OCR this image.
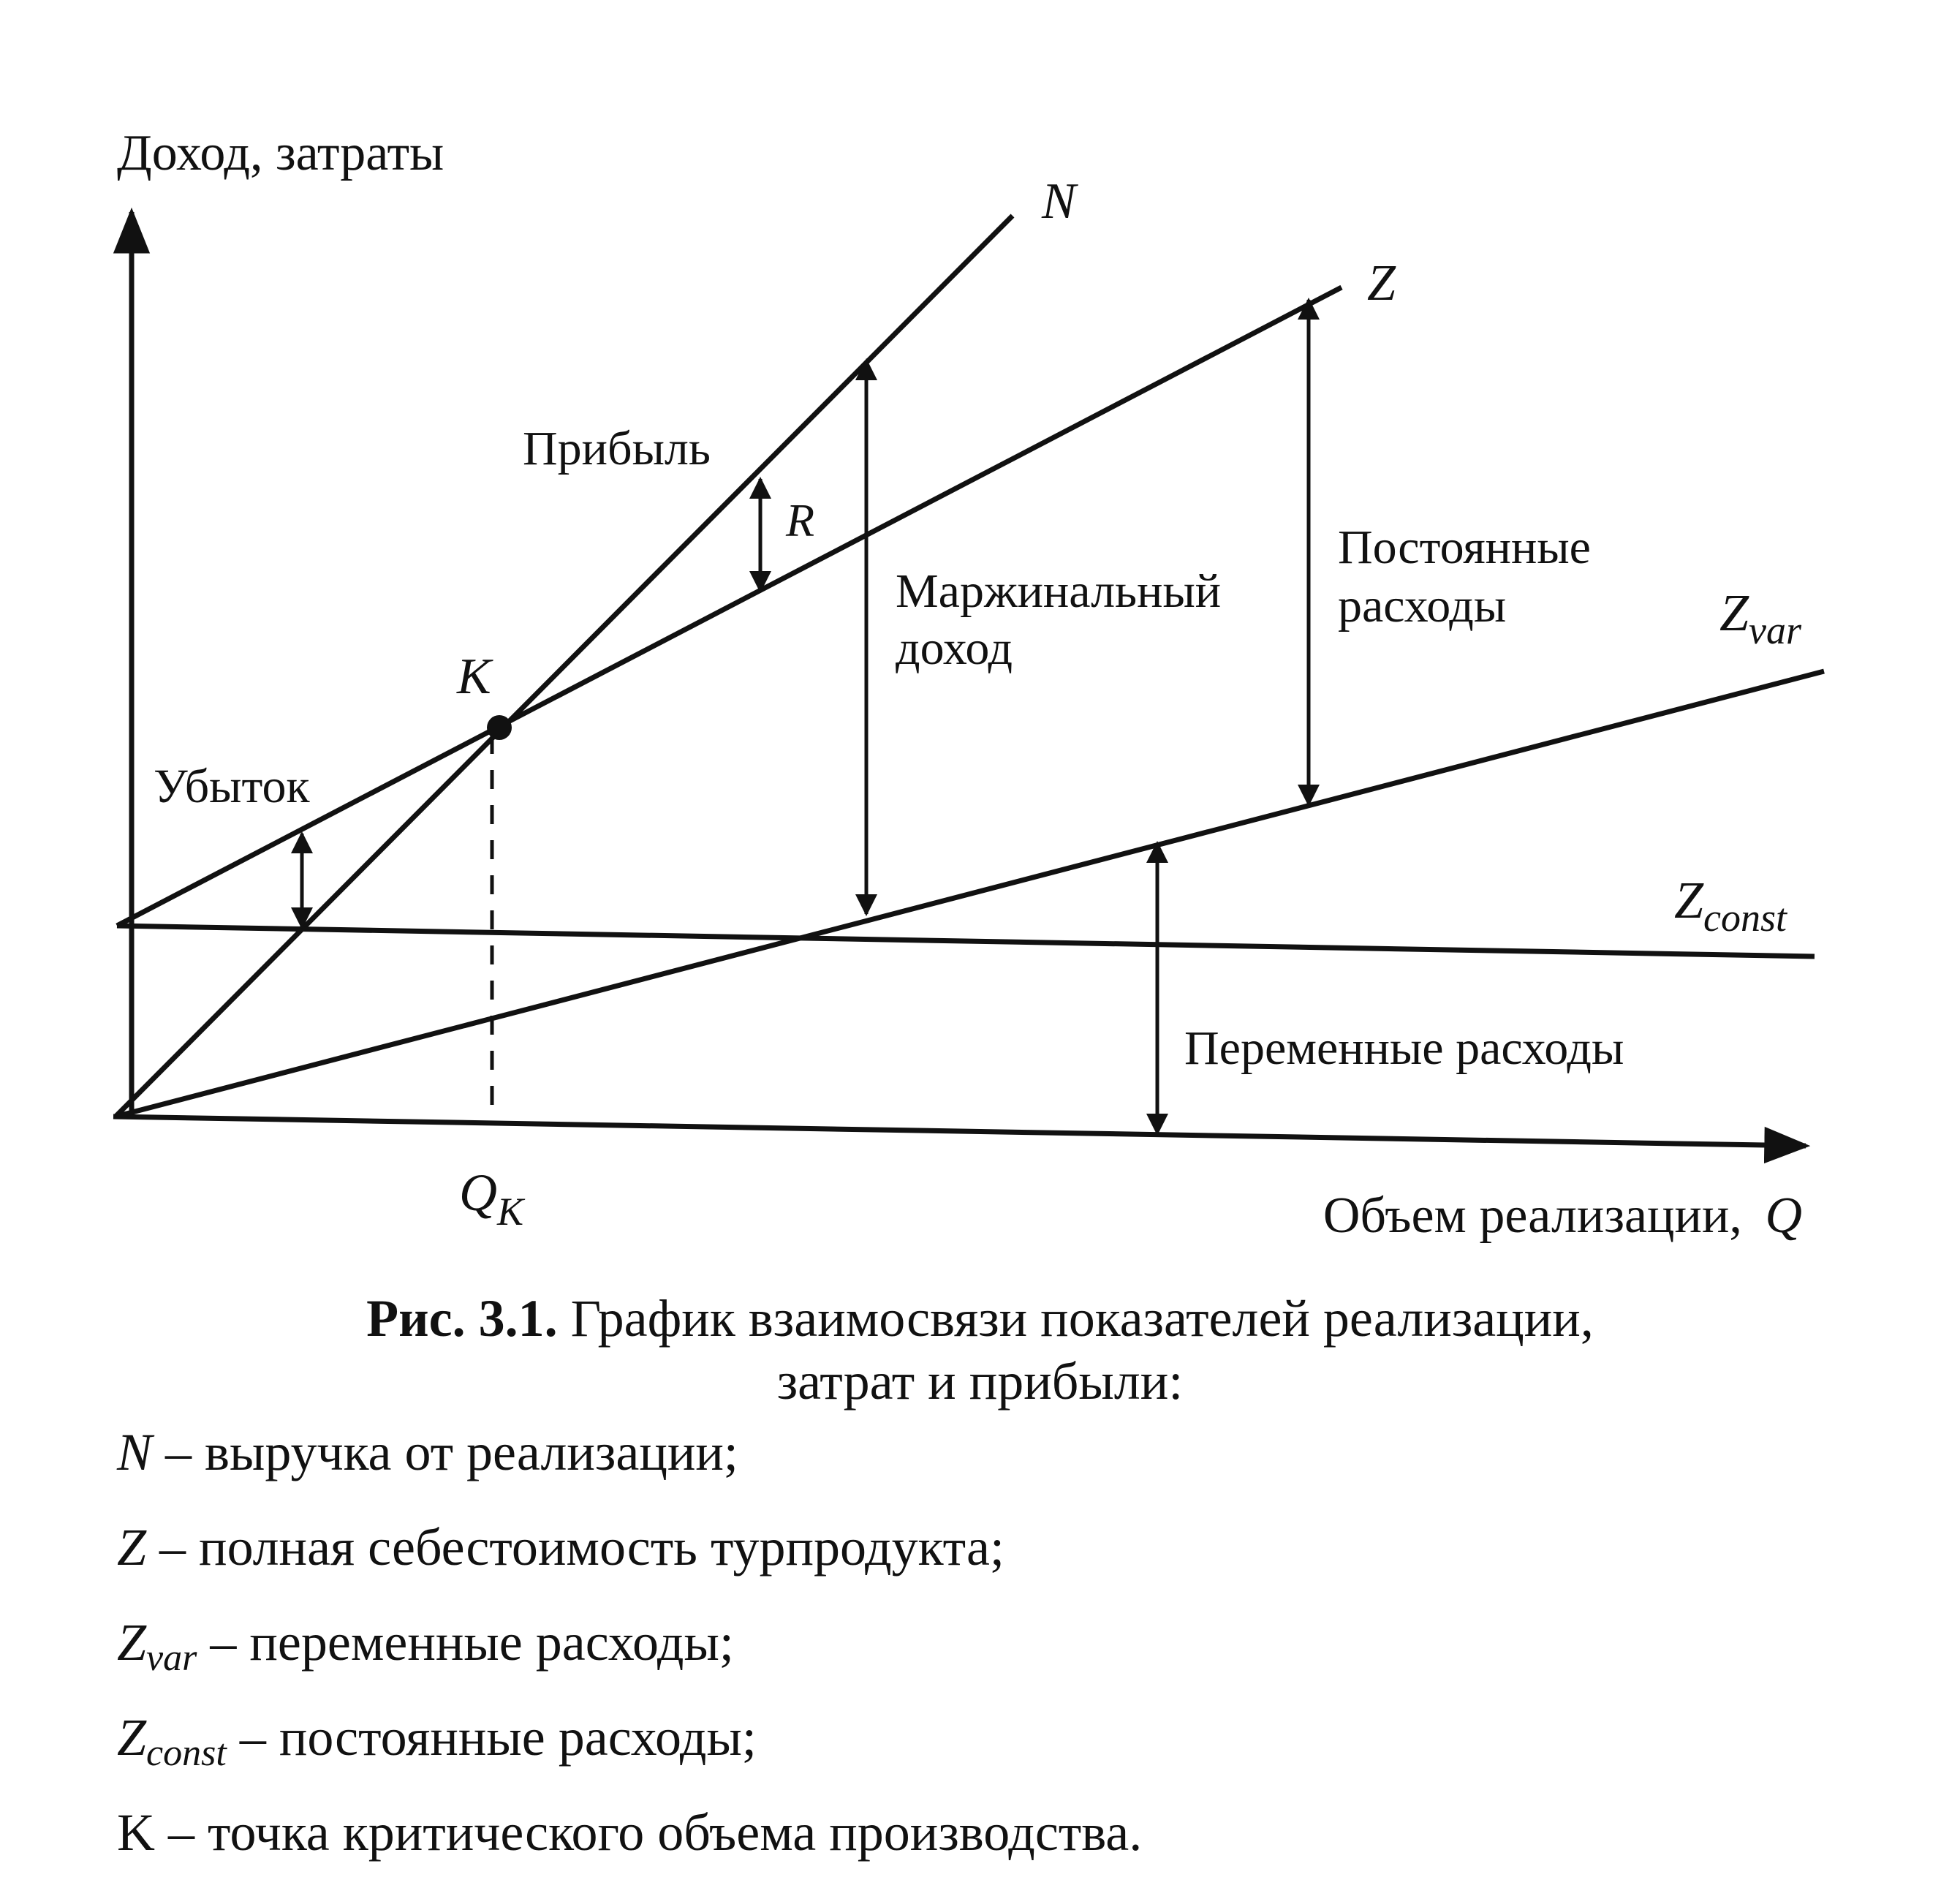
Доход, затраты
Объем реализации, Q
N
Z
$Z_{var}$
$Z_{const}$
K
$Q_K$
Прибыль
R
Убыток
Маржинальный
доход
Постоянные
расходы
Переменные расходы
Рис. 3.1. График взаимосвязи показателей реализации,
затрат и прибыли:
N – выручка от реализации;
Z – полная себестоимость турпродукта;
$Z_{var}$ – переменные расходы;
$Z_{const}$ – постоянные расходы;
K – точка критического объема производства.
